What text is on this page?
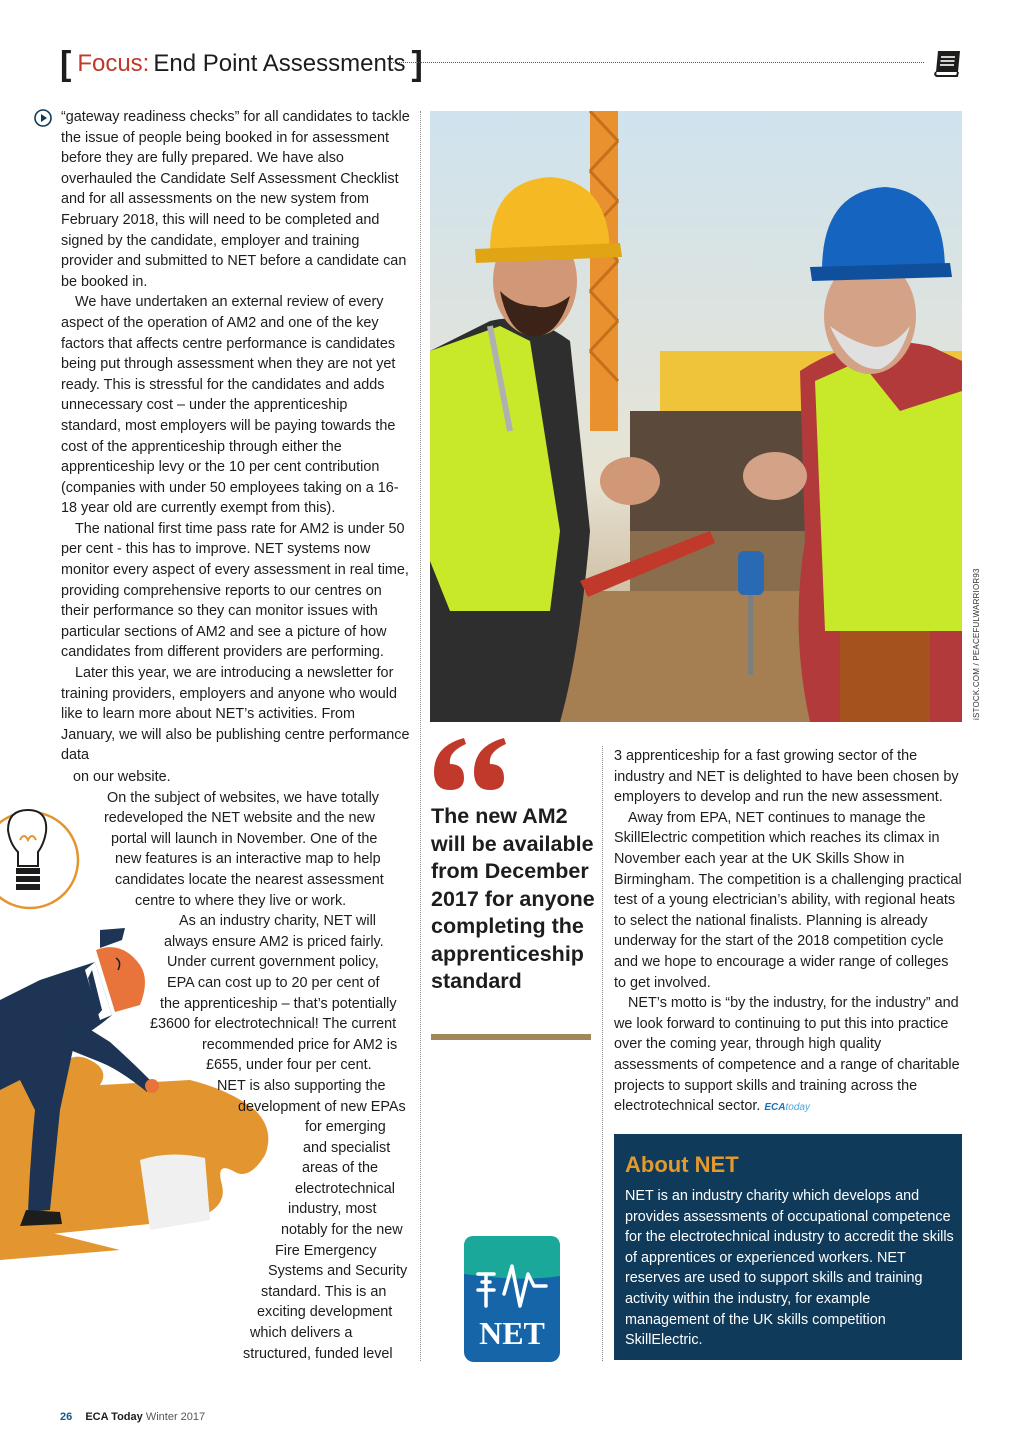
[ Focus: End Point Assessments ]

“gateway readiness checks” for all candidates to tackle the issue of people being booked in for assessment before they are fully prepared. We have also overhauled the Candidate Self Assessment Checklist and for all assessments on the new system from February 2018, this will need to be completed and signed by the candidate, employer and training provider and submitted to NET before a candidate can be booked in.

We have undertaken an external review of every aspect of the operation of AM2 and one of the key factors that affects centre performance is candidates being put through assessment when they are not yet ready. This is stressful for the candidates and adds unnecessary cost – under the apprenticeship standard, most employers will be paying towards the cost of the apprenticeship through either the apprenticeship levy or the 10 per cent contribution (companies with under 50 employees taking on a 16-18 year old are currently exempt from this).

The national first time pass rate for AM2 is under 50 per cent - this has to improve. NET systems now monitor every aspect of every assessment in real time, providing comprehensive reports to our centres on their performance so they can monitor issues with particular sections of AM2 and see a picture of how candidates from different providers are performing.

Later this year, we are introducing a newsletter for training providers, employers and anyone who would like to learn more about NET’s activities. From January, we will also be publishing centre performance data

on our website.

On the subject of websites, we have totally

redeveloped the NET website and the new

portal will launch in November. One of the

new features is an interactive map to help

candidates locate the nearest assessment

centre to where they live or work.

As an industry charity, NET will

always ensure AM2 is priced fairly.

Under current government policy,

EPA can cost up to 20 per cent of

the apprenticeship – that’s potentially

£3600 for electrotechnical! The current

recommended price for AM2 is

£655, under four per cent.

NET is also supporting the

development of new EPAs

for emerging

and specialist

areas of the

electrotechnical

industry, most

notably for the new

Fire Emergency

Systems and Security

standard. This is an

exciting development

which delivers a

structured, funded level

iSTOCK.COM / PEACEFULWARRIOR93

The new AM2 will be available from December 2017 for anyone completing the apprenticeship standard

NET

3 apprenticeship for a fast growing sector of the industry and NET is delighted to have been chosen by employers to develop and run the new assessment.

Away from EPA, NET continues to manage the SkillElectric competition which reaches its climax in November each year at the UK Skills Show in Birmingham. The competition is a challenging practical test of a young electrician’s ability, with regional heats to select the national finalists. Planning is already underway for the start of the 2018 competition cycle and we hope to encourage a wider range of colleges to get involved.

NET’s motto is “by the industry, for the industry” and we look forward to continuing to put this into practice over the coming year, through high quality assessments of competence and a range of charitable projects to support skills and training across the electrotechnical sector. ECAtoday

About NET

NET is an industry charity which develops and provides assessments of occupational competence for the electrotechnical industry to accredit the skills of apprentices or experienced workers. NET reserves are used to support skills and training activity within the industry, for example management of the UK skills competition SkillElectric.

26 ECA Today Winter 2017
